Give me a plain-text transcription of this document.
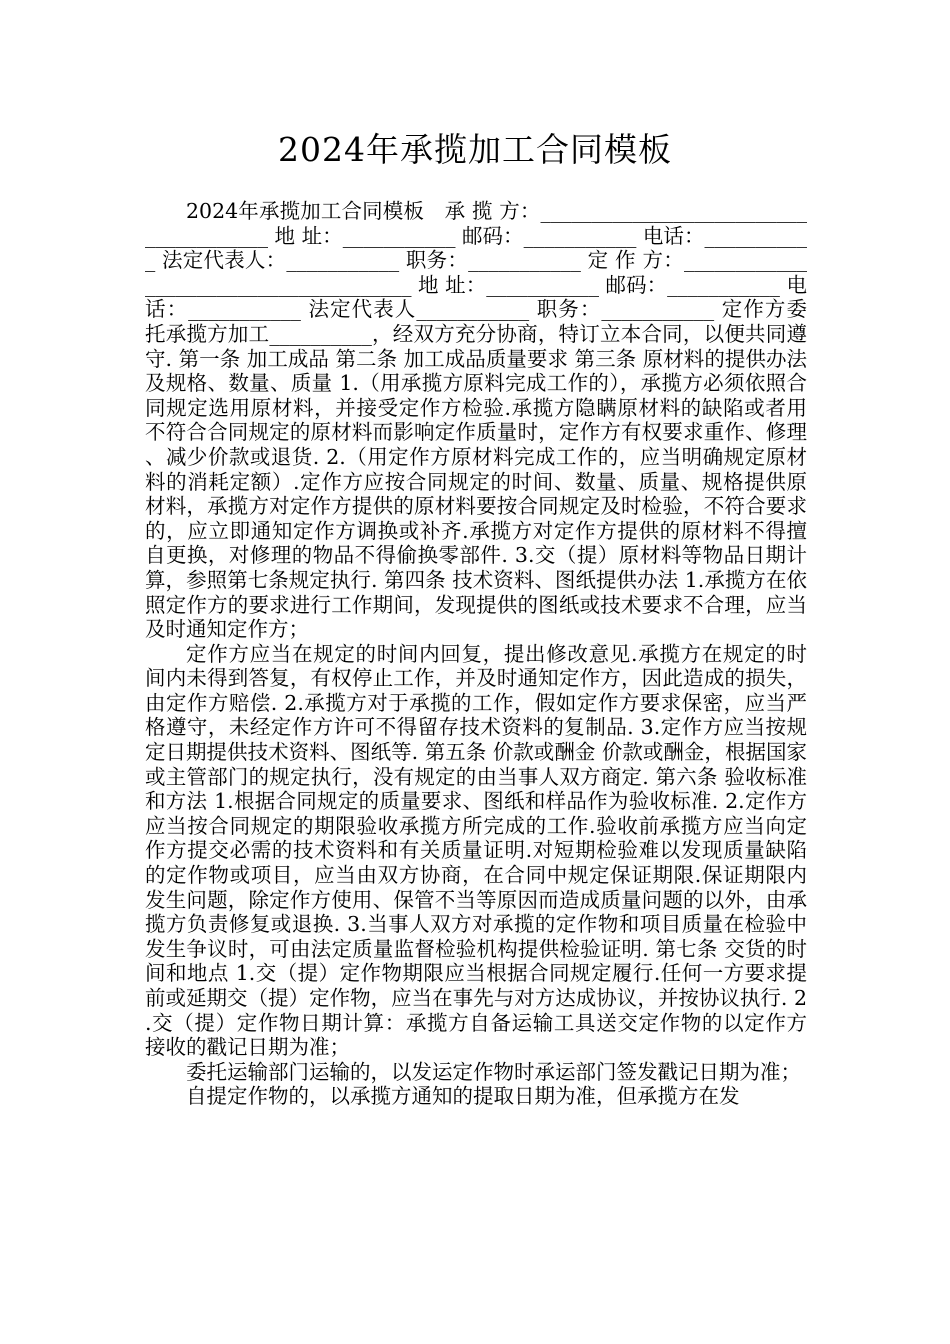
2024年承揽加工合同模板

2024年承揽加工合同模板　承 揽 方：______________________________________ 地 址：___________ 邮码：___________ 电话：___________ 法定代表人：___________ 职务：___________ 定 作 方：______________________________________ 地 址：___________ 邮码：___________ 电话：___________ 法定代表人___________ 职务：___________ 定作方委托承揽方加工__________，经双方充分协商，特订立本合同，以便共同遵守. 第一条 加工成品 第二条 加工成品质量要求 第三条 原材料的提供办法及规格、数量、质量 1.（用承揽方原料完成工作的），承揽方必须依照合同规定选用原材料，并接受定作方检验.承揽方隐瞒原材料的缺陷或者用不符合合同规定的原材料而影响定作质量时，定作方有权要求重作、修理、减少价款或退货. 2.（用定作方原材料完成工作的，应当明确规定原材料的消耗定额）.定作方应按合同规定的时间、数量、质量、规格提供原材料，承揽方对定作方提供的原材料要按合同规定及时检验，不符合要求的，应立即通知定作方调换或补齐.承揽方对定作方提供的原材料不得擅自更换，对修理的物品不得偷换零部件. 3.交（提）原材料等物品日期计算，参照第七条规定执行. 第四条 技术资料、图纸提供办法 1.承揽方在依照定作方的要求进行工作期间，发现提供的图纸或技术要求不合理，应当及时通知定作方；

定作方应当在规定的时间内回复，提出修改意见.承揽方在规定的时间内未得到答复，有权停止工作，并及时通知定作方，因此造成的损失，由定作方赔偿. 2.承揽方对于承揽的工作，假如定作方要求保密，应当严格遵守，未经定作方许可不得留存技术资料的复制品. 3.定作方应当按规定日期提供技术资料、图纸等. 第五条 价款或酬金 价款或酬金，根据国家或主管部门的规定执行，没有规定的由当事人双方商定. 第六条 验收标准和方法 1.根据合同规定的质量要求、图纸和样品作为验收标准. 2.定作方应当按合同规定的期限验收承揽方所完成的工作.验收前承揽方应当向定作方提交必需的技术资料和有关质量证明.对短期检验难以发现质量缺陷的定作物或项目，应当由双方协商，在合同中规定保证期限.保证期限内发生问题，除定作方使用、保管不当等原因而造成质量问题的以外，由承揽方负责修复或退换. 3.当事人双方对承揽的定作物和项目质量在检验中发生争议时，可由法定质量监督检验机构提供检验证明. 第七条 交货的时间和地点 1.交（提）定作物期限应当根据合同规定履行.任何一方要求提前或延期交（提）定作物，应当在事先与对方达成协议，并按协议执行. 2.交（提）定作物日期计算：承揽方自备运输工具送交定作物的以定作方接收的戳记日期为准；

委托运输部门运输的，以发运定作物时承运部门签发戳记日期为准；

自提定作物的，以承揽方通知的提取日期为准，但承揽方在发
